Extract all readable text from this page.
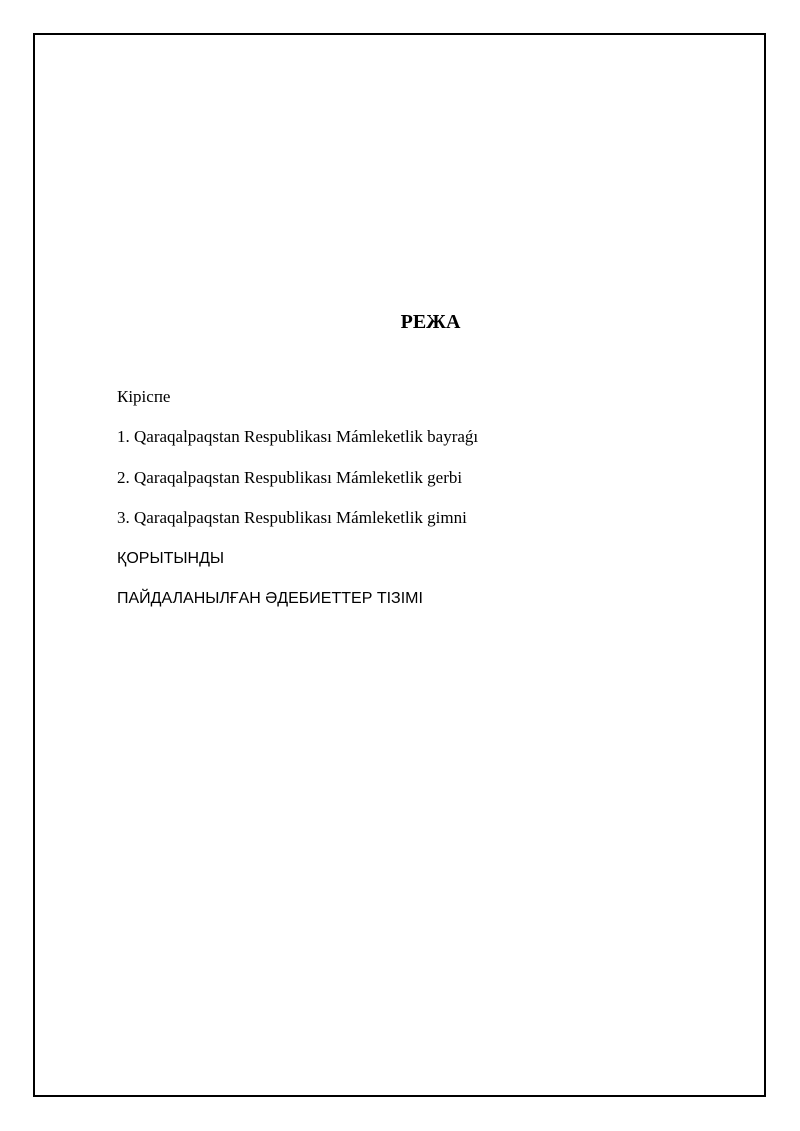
РЕЖА
Кiрiспе
1. Qaraqalpaqstan Respublikası Mámleketlik bayraǵı
2. Qaraqalpaqstan Respublikası Mámleketlik gerbi
3. Qaraqalpaqstan Respublikası Mámleketlik gimni
ҚОРЫТЫНДЫ
ПАЙДАЛАНЫЛҒАН ӘДЕБИЕТТЕР ТIЗIМI
